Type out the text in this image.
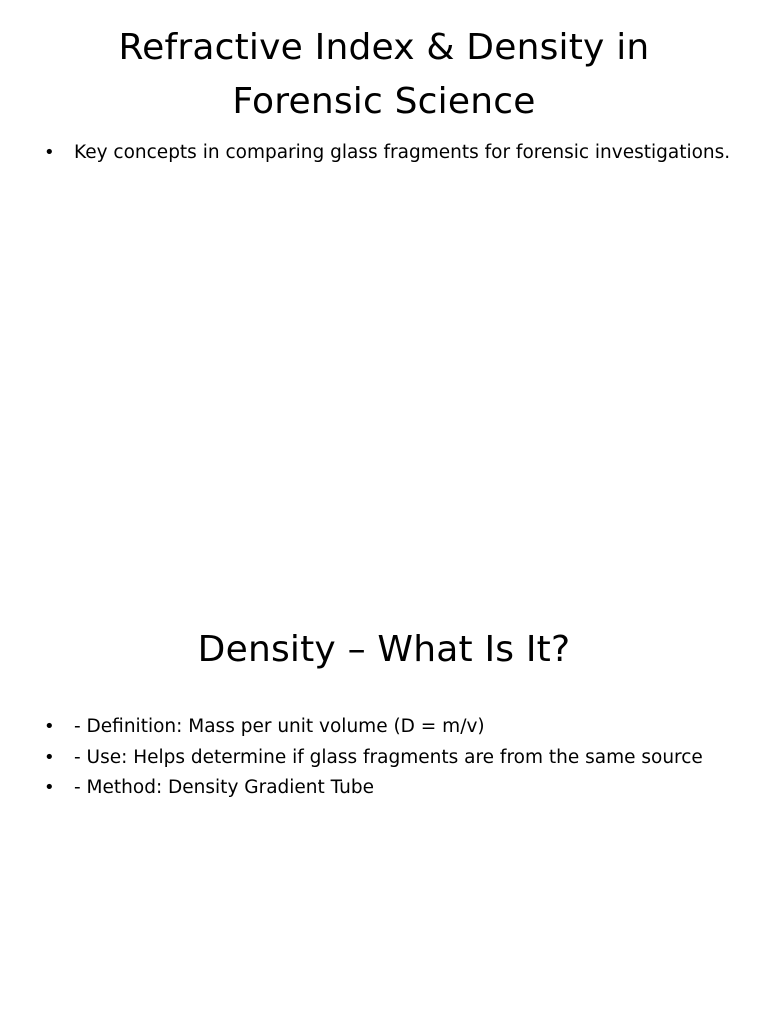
Refractive Index & Density in Forensic Science
• Key concepts in comparing glass fragments for forensic investigations.
Density – What Is It?
• - Definition: Mass per unit volume (D = m/v)
• - Use: Helps determine if glass fragments are from the same source
• - Method: Density Gradient Tube
